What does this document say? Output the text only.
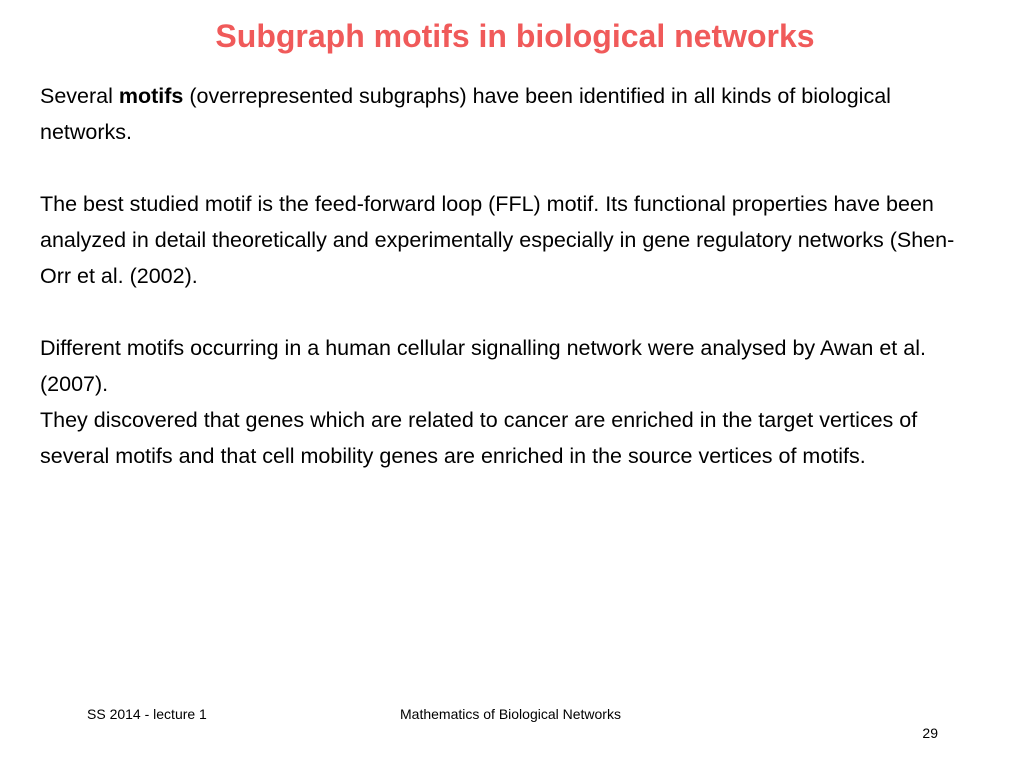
Subgraph motifs in biological networks

Several motifs (overrepresented subgraphs) have been identified in all kinds of biological networks.

The best studied motif is the feed-forward loop (FFL) motif. Its functional properties have been analyzed in detail theoretically and experimentally especially in gene regulatory networks (Shen-Orr et al. (2002).

Different motifs occurring in a human cellular signalling network were analysed by Awan et al. (2007).

They discovered that genes which are related to cancer are enriched in the target vertices of several motifs and that cell mobility genes are enriched in the source vertices of motifs.

SS 2014 - lecture 1	Mathematics of Biological Networks
29
